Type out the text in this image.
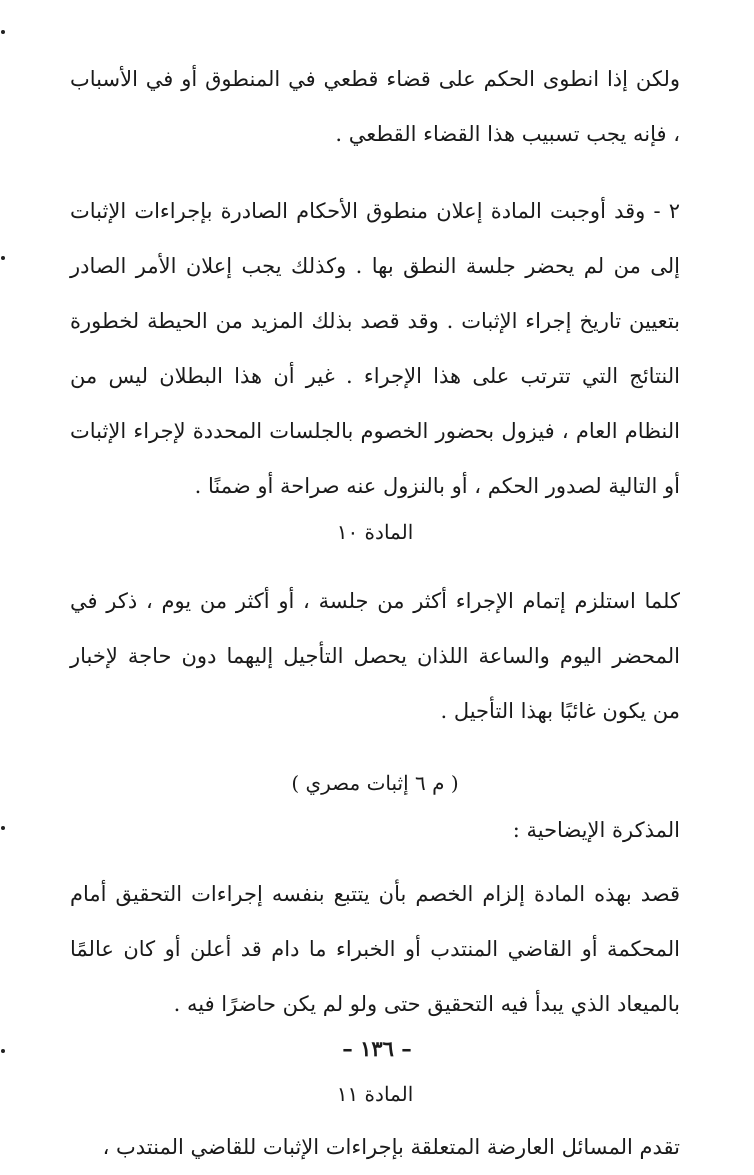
ولكن إذا انطوى الحكم على قضاء قطعي في المنطوق أو في الأسباب ، فإنه يجب تسبيب هذا القضاء القطعي .

٢ - وقد أوجبت المادة إعلان منطوق الأحكام الصادرة بإجراءات الإثبات إلى من لم يحضر جلسة النطق بها . وكذلك يجب إعلان الأمر الصادر بتعيين تاريخ إجراء الإثبات . وقد قصد بذلك المزيد من الحيطة لخطورة النتائج التي تترتب على هذا الإجراء . غير أن هذا البطلان ليس من النظام العام ، فيزول بحضور الخصوم بالجلسات المحددة لإجراء الإثبات أو التالية لصدور الحكم ، أو بالنزول عنه صراحة أو ضمنًا .

المادة ١٠

كلما استلزم إتمام الإجراء أكثر من جلسة ، أو أكثر من يوم ، ذكر في المحضر اليوم والساعة اللذان يحصل التأجيل إليهما دون حاجة لإخبار من يكون غائبًا بهذا التأجيل .

( م ٦ إثبات مصري )

المذكرة الإيضاحية :

قصد بهذه المادة إلزام الخصم بأن يتتبع بنفسه إجراءات التحقيق أمام المحكمة أو القاضي المنتدب أو الخبراء ما دام قد أعلن أو كان عالمًا بالميعاد الذي يبدأ فيه التحقيق حتى ولو لم يكن حاضرًا فيه .

المادة ١١

تقدم المسائل العارضة المتعلقة بإجراءات الإثبات للقاضي المنتدب ،

– ١٣٦ –
